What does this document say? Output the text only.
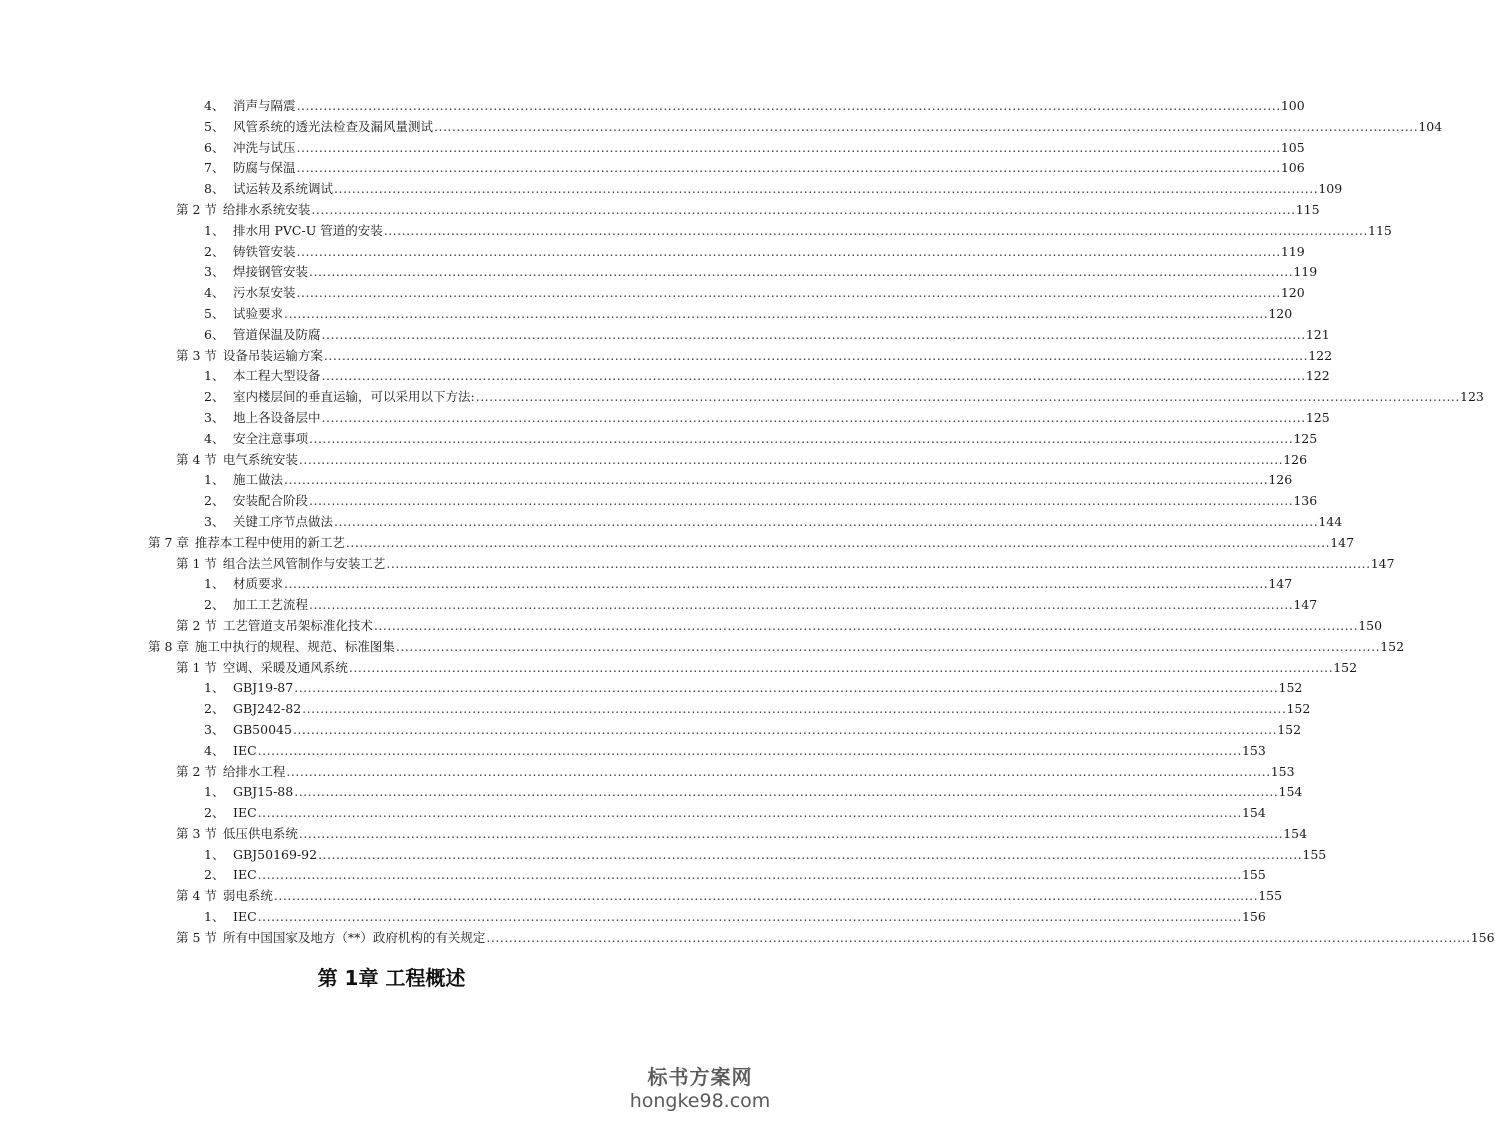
4、 消声与隔震 ............................................................................................................................................................................................................................ 100
5、 风管系统的透光法检查及漏风量测试 ............................................................................................................................................................................................................................ 104
6、 冲洗与试压 ............................................................................................................................................................................................................................ 105
7、 防腐与保温 ............................................................................................................................................................................................................................ 106
8、 试运转及系统调试 ............................................................................................................................................................................................................................ 109
第 2 节 给排水系统安装 ............................................................................................................................................................................................................................ 115
1、 排水用 PVC-U 管道的安装 ............................................................................................................................................................................................................................ 115
2、 铸铁管安装 ............................................................................................................................................................................................................................ 119
3、 焊接钢管安装 ............................................................................................................................................................................................................................ 119
4、 污水泵安装 ............................................................................................................................................................................................................................ 120
5、 试验要求 ............................................................................................................................................................................................................................ 120
6、 管道保温及防腐 ............................................................................................................................................................................................................................ 121
第 3 节 设备吊装运输方案 ............................................................................................................................................................................................................................ 122
1、 本工程大型设备 ............................................................................................................................................................................................................................ 122
2、 室内楼层间的垂直运输，可以采用以下方法: ............................................................................................................................................................................................................................ 123
3、 地上各设备层中 ............................................................................................................................................................................................................................ 125
4、 安全注意事项 ............................................................................................................................................................................................................................ 125
第 4 节 电气系统安装 ............................................................................................................................................................................................................................ 126
1、 施工做法 ............................................................................................................................................................................................................................ 126
2、 安装配合阶段 ............................................................................................................................................................................................................................ 136
3、 关键工序节点做法 ............................................................................................................................................................................................................................ 144
第 7 章 推荐本工程中使用的新工艺 ............................................................................................................................................................................................................................ 147
第 1 节 组合法兰风管制作与安装工艺 ............................................................................................................................................................................................................................ 147
1、 材质要求 ............................................................................................................................................................................................................................ 147
2、 加工工艺流程 ............................................................................................................................................................................................................................ 147
第 2 节 工艺管道支吊架标准化技术 ............................................................................................................................................................................................................................ 150
第 8 章 施工中执行的规程、规范、标准图集 ............................................................................................................................................................................................................................ 152
第 1 节 空调、采暖及通风系统 ............................................................................................................................................................................................................................ 152
1、 GBJ19-87 ............................................................................................................................................................................................................................ 152
2、 GBJ242-82 ............................................................................................................................................................................................................................ 152
3、 GB50045 ............................................................................................................................................................................................................................ 152
4、 IEC ............................................................................................................................................................................................................................ 153
第 2 节 给排水工程 ............................................................................................................................................................................................................................ 153
1、 GBJ15-88 ............................................................................................................................................................................................................................ 154
2、 IEC ............................................................................................................................................................................................................................ 154
第 3 节 低压供电系统 ............................................................................................................................................................................................................................ 154
1、 GBJ50169-92 ............................................................................................................................................................................................................................ 155
2、 IEC ............................................................................................................................................................................................................................ 155
第 4 节 弱电系统 ............................................................................................................................................................................................................................ 155
1、 IEC ............................................................................................................................................................................................................................ 156
第 5 节 所有中国国家及地方（**）政府机构的有关规定 ............................................................................................................................................................................................................................ 156
第 1章 工程概述
标书方案网
hongke98.com
